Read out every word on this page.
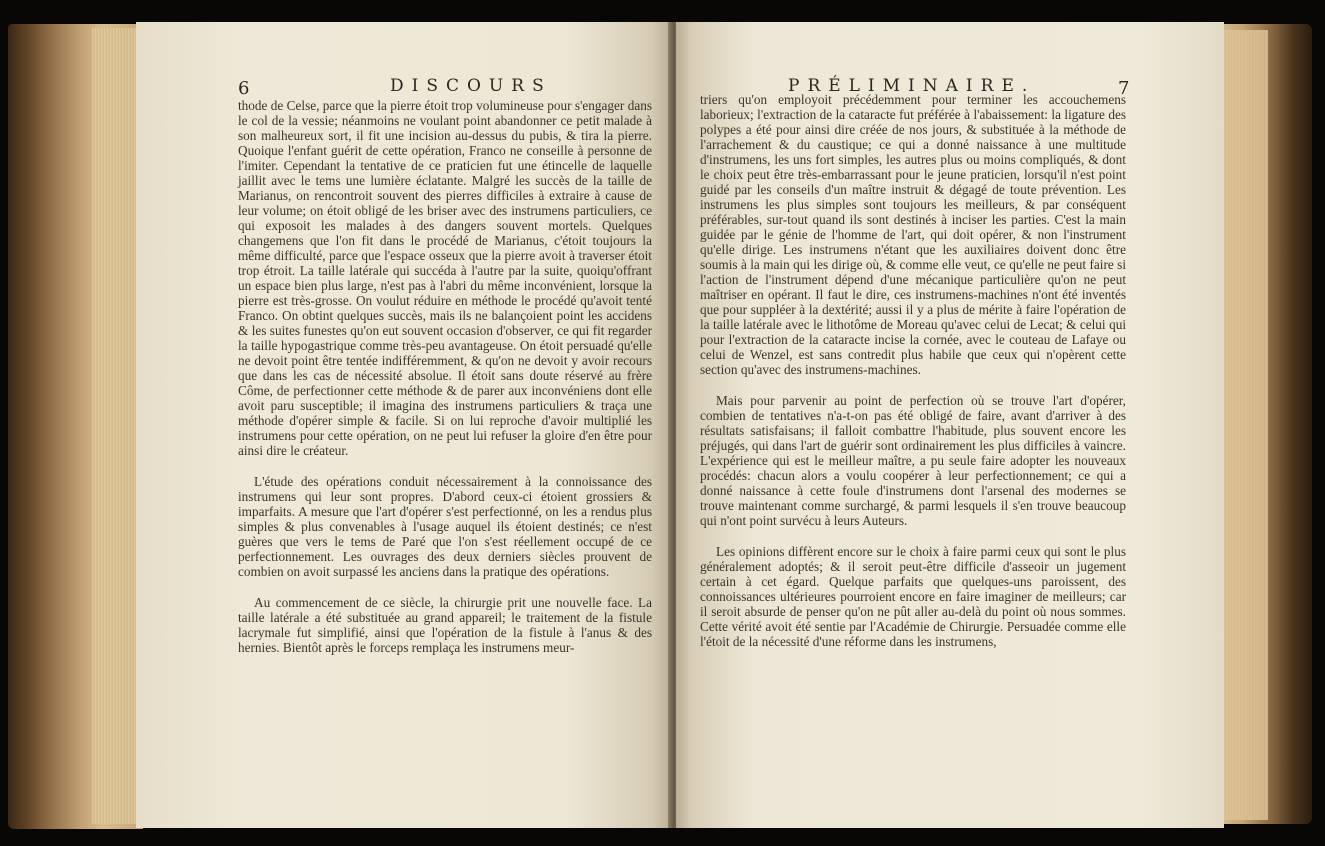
6	DISCOURS

thode de Celse, parce que la pierre étoit trop volumineuse pour s'engager dans le col de la vessie; néanmoins ne voulant point abandonner ce petit malade à son malheureux sort, il fit une incision au-dessus du pubis, & tira la pierre. Quoique l'enfant guérit de cette opération, Franco ne conseille à personne de l'imiter. Cependant la tentative de ce praticien fut une étincelle de laquelle jaillit avec le tems une lumière éclatante. Malgré les succès de la taille de Marianus, on rencontroit souvent des pierres difficiles à extraire à cause de leur volume; on étoit obligé de les briser avec des instrumens particuliers, ce qui exposoit les malades à des dangers souvent mortels. Quelques changemens que l'on fit dans le procédé de Marianus, c'étoit toujours la même difficulté, parce que l'espace osseux que la pierre avoit à traverser étoit trop étroit. La taille latérale qui succéda à l'autre par la suite, quoiqu'offrant un espace bien plus large, n'est pas à l'abri du même inconvénient, lorsque la pierre est très-grosse. On voulut réduire en méthode le procédé qu'avoit tenté Franco. On obtint quelques succès, mais ils ne balançoient point les accidens & les suites funestes qu'on eut souvent occasion d'observer, ce qui fit regarder la taille hypogastrique comme très-peu avantageuse. On étoit persuadé qu'elle ne devoit point être tentée indifféremment, & qu'on ne devoit y avoir recours que dans les cas de nécessité absolue. Il étoit sans doute réservé au frère Côme, de perfectionner cette méthode & de parer aux inconvéniens dont elle avoit paru susceptible; il imagina des instrumens particuliers & traça une méthode d'opérer simple & facile. Si on lui reproche d'avoir multiplié les instrumens pour cette opération, on ne peut lui refuser la gloire d'en être pour ainsi dire le créateur.

L'étude des opérations conduit nécessairement à la connoissance des instrumens qui leur sont propres. D'abord ceux-ci étoient grossiers & imparfaits. A mesure que l'art d'opérer s'est perfectionné, on les a rendus plus simples & plus convenables à l'usage auquel ils étoient destinés; ce n'est guères que vers le tems de Paré que l'on s'est réellement occupé de ce perfectionnement. Les ouvrages des deux derniers siècles prouvent de combien on avoit surpassé les anciens dans la pratique des opérations.

Au commencement de ce siècle, la chirurgie prit une nouvelle face. La taille latérale a été substituée au grand appareil; le traitement de la fistule lacrymale fut simplifié, ainsi que l'opération de la fistule à l'anus & des hernies. Bientôt après le forceps remplaça les instrumens meur-

PRÉLIMINAIRE.	7

triers qu'on employoit précédemment pour terminer les accouchemens laborieux; l'extraction de la cataracte fut préférée à l'abaissement: la ligature des polypes a été pour ainsi dire créée de nos jours, & substituée à la méthode de l'arrachement & du caustique; ce qui a donné naissance à une multitude d'instrumens, les uns fort simples, les autres plus ou moins compliqués, & dont le choix peut être très-embarrassant pour le jeune praticien, lorsqu'il n'est point guidé par les conseils d'un maître instruit & dégagé de toute prévention. Les instrumens les plus simples sont toujours les meilleurs, & par conséquent préférables, sur-tout quand ils sont destinés à inciser les parties. C'est la main guidée par le génie de l'homme de l'art, qui doit opérer, & non l'instrument qu'elle dirige. Les instrumens n'étant que les auxiliaires doivent donc être soumis à la main qui les dirige où, & comme elle veut, ce qu'elle ne peut faire si l'action de l'instrument dépend d'une mécanique particulière qu'on ne peut maîtriser en opérant. Il faut le dire, ces instrumens-machines n'ont été inventés que pour suppléer à la dextérité; aussi il y a plus de mérite à faire l'opération de la taille latérale avec le lithotôme de Moreau qu'avec celui de Lecat; & celui qui pour l'extraction de la cataracte incise la cornée, avec le couteau de Lafaye ou celui de Wenzel, est sans contredit plus habile que ceux qui n'opèrent cette section qu'avec des instrumens-machines.

Mais pour parvenir au point de perfection où se trouve l'art d'opérer, combien de tentatives n'a-t-on pas été obligé de faire, avant d'arriver à des résultats satisfaisans; il falloit combattre l'habitude, plus souvent encore les préjugés, qui dans l'art de guérir sont ordinairement les plus difficiles à vaincre. L'expérience qui est le meilleur maître, a pu seule faire adopter les nouveaux procédés: chacun alors a voulu coopérer à leur perfectionnement; ce qui a donné naissance à cette foule d'instrumens dont l'arsenal des modernes se trouve maintenant comme surchargé, & parmi lesquels il s'en trouve beaucoup qui n'ont point survécu à leurs Auteurs.

Les opinions diffèrent encore sur le choix à faire parmi ceux qui sont le plus généralement adoptés; & il seroit peut-être difficile d'asseoir un jugement certain à cet égard. Quelque parfaits que quelques-uns paroissent, des connoissances ultérieures pourroient encore en faire imaginer de meilleurs; car il seroit absurde de penser qu'on ne pût aller au-delà du point où nous sommes. Cette vérité avoit été sentie par l'Académie de Chirurgie. Persuadée comme elle l'étoit de la nécessité d'une réforme dans les instrumens,
